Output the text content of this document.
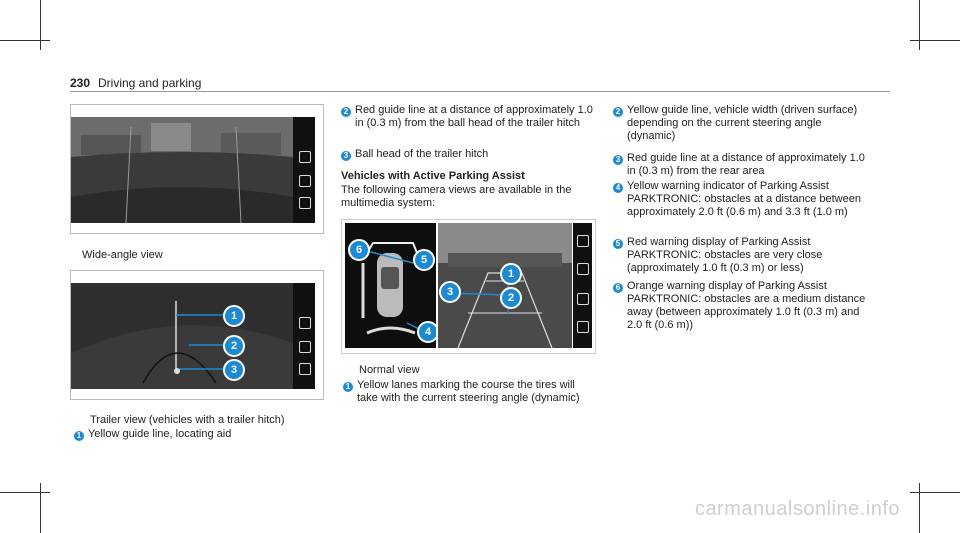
230 Driving and parking
Wide-angle view
1
2
3
Trailer view (vehicles with a trailer hitch)
1 Yellow guide line, locating aid
2 Red guide line at a distance of approximately 1.0 in (0.3 m) from the ball head of the trailer hitch
3 Ball head of the trailer hitch
Vehicles with Active Parking Assist
The following camera views are available in the multimedia system:
6
5
4
1
3	2
Normal view
1 Yellow lanes marking the course the tires will take with the current steering angle (dynamic)
2 Yellow guide line, vehicle width (driven surface) depending on the current steering angle (dynamic)
3 Red guide line at a distance of approximately 1.0 in (0.3 m) from the rear area
4 Yellow warning indicator of Parking Assist PARKTRONIC: obstacles at a distance between approximately 2.0 ft (0.6 m) and 3.3 ft (1.0 m)
5 Red warning display of Parking Assist PARKTRONIC: obstacles are very close (approximately 1.0 ft (0.3 m) or less)
6 Orange warning display of Parking Assist PARKTRONIC: obstacles are a medium distance away (between approximately 1.0 ft (0.3 m) and 2.0 ft (0.6 m))
carmanualsonline.info
